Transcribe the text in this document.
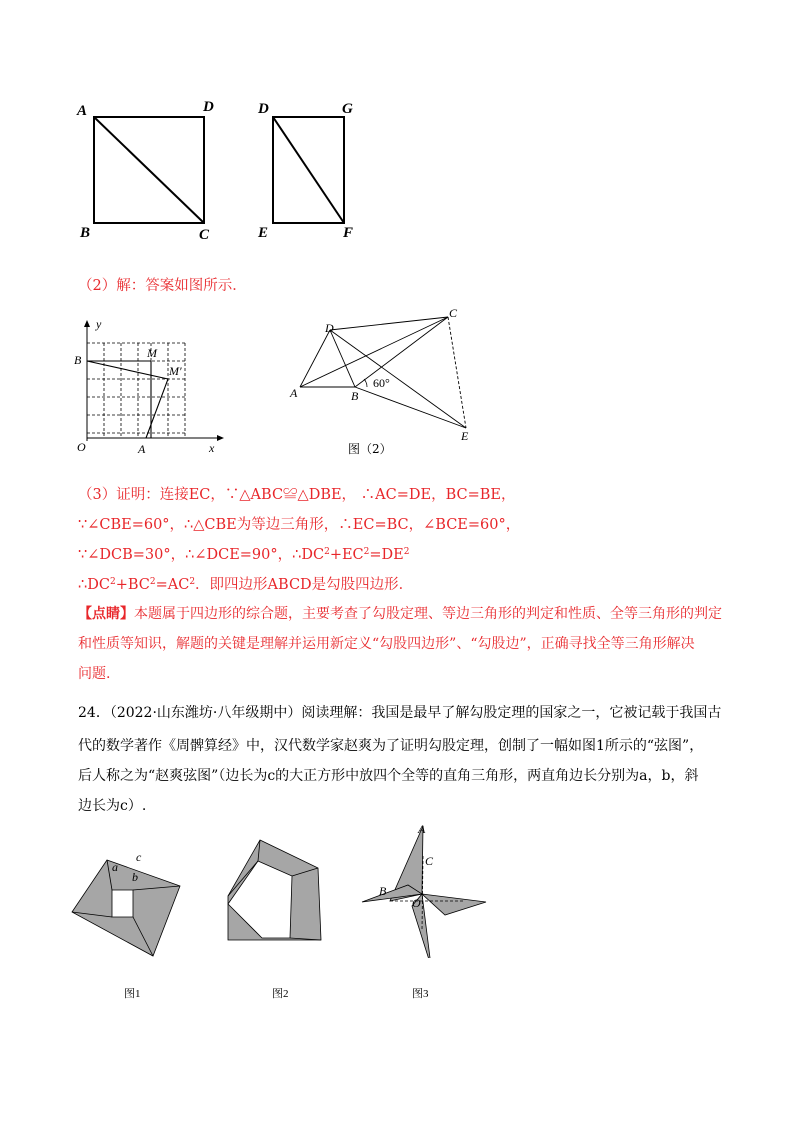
A	D
B	C
D	G
E	F
（2）解：答案如图所示．
y
x
B	M
M′
O	A
D
C
A	B
60°
E
图（2）
（3）证明：连接EC，∵△ABC≌△DBE， ∴AC=DE，BC=BE，
∵∠CBE=60°，∴△CBE为等边三角形，∴EC=BC，∠BCE=60°，
∵∠DCB=30°，∴∠DCE=90°，$\therefore DC^2+EC^2=DE^2$
$\therefore DC^2+BC^2=AC^2$．即四边形ABCD是勾股四边形．
【点睛】本题属于四边形的综合题，主要考查了勾股定理、等边三角形的判定和性质、全等三角形的判定
和性质等知识，解题的关键是理解并运用新定义“勾股四边形”、“勾股边”，正确寻找全等三角形解决
问题.
24．（2022·山东潍坊·八年级期中）阅读理解：我国是最早了解勾股定理的国家之一，它被记载于我国古
代的数学著作《周髀算经》中，汉代数学家赵爽为了证明勾股定理，创制了一幅如图1所示的“弦图”，
后人称之为“赵爽弦图”（边长为c的大正方形中放四个全等的直角三角形，两直角边长分别为a，b，斜
边长为c）.
a
b
c
A
C
B
O
图1	图2	图3
